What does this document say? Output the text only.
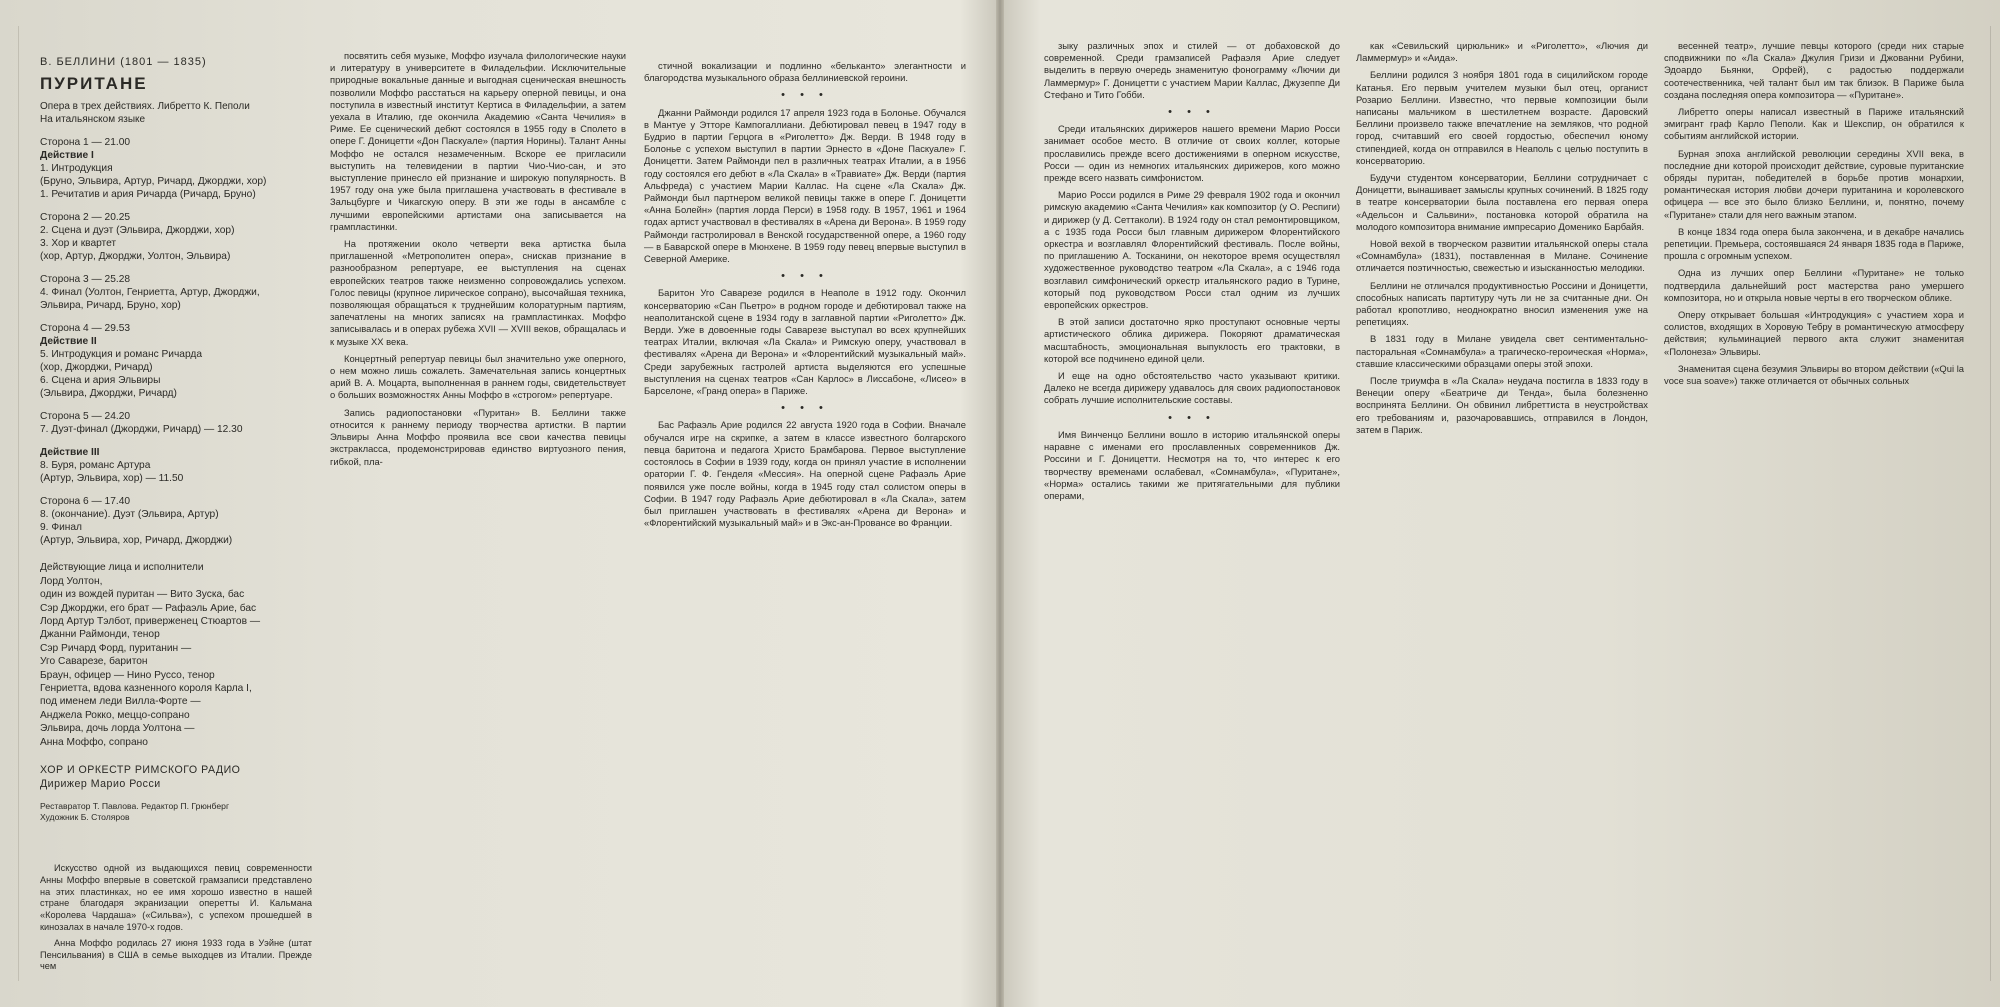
В. БЕЛЛИНИ (1801 — 1835)
ПУРИТАНЕ
Опера в трех действиях. Либретто К. Пеполи
На итальянском языке
Сторона 1 — 21.00
Действие I
1. Интродукция
(Бруно, Эльвира, Артур, Ричард, Джорджи, хор)
1. Речитатив и ария Ричарда (Ричард, Бруно)
Сторона 2 — 20.25
2. Сцена и дуэт (Эльвира, Джорджи, хор)
3. Хор и квартет
(хор, Артур, Джорджи, Уолтон, Эльвира)
Сторона 3 — 25.28
4. Финал (Уолтон, Генриетта, Артур, Джорджи,
Эльвира, Ричард, Бруно, хор)
Сторона 4 — 29.53
Действие II
5. Интродукция и романс Ричарда
(хор, Джорджи, Ричард)
6. Сцена и ария Эльвиры
(Эльвира, Джорджи, Ричард)
Сторона 5 — 24.20
7. Дуэт-финал (Джорджи, Ричард) — 12.30
Действие III
8. Буря, романс Артура
(Артур, Эльвира, хор) — 11.50
Сторона 6 — 17.40
8. (окончание). Дуэт (Эльвира, Артур)
9. Финал
(Артур, Эльвира, хор, Ричард, Джорджи)
Действующие лица и исполнители
Лорд Уолтон,
один из вождей пуритан — Вито Зуска, бас
Сэр Джорджи, его брат — Рафаэль Арие, бас
Лорд Артур Тэлбот, приверженец Стюартов —
Джанни Раймонди, тенор
Сэр Ричард Форд, пуританин —
Уго Саварезе, баритон
Браун, офицер — Нино Руссо, тенор
Генриетта, вдова казненного короля Карла I,
под именем леди Вилла-Форте —
Анджела Рокко, меццо-сопрано
Эльвира, дочь лорда Уолтона —
Анна Моффо, сопрано
ХОР И ОРКЕСТР РИМСКОГО РАДИО
Дирижер Марио Росси
Реставратор Т. Павлова. Редактор П. Грюнберг
Художник Б. Столяров

Искусство одной из выдающихся певиц современности Анны Моффо впервые в советской грамзаписи представлено на этих пластинках, но ее имя хорошо известно в нашей стране благодаря экранизации оперетты И. Кальмана «Королева Чардаша» («Сильва»), с успехом прошедшей в кинозалах в начале 1970-х годов.

Анна Моффо родилась 27 июня 1933 года в Уэйне (штат Пенсильвания) в США в семье выходцев из Италии. Прежде чем

посвятить себя музыке, Моффо изучала филологические науки и литературу в университете в Филадельфии. Исключительные природные вокальные данные и выгодная сценическая внешность позволили Моффо расстаться на карьеру оперной певицы, и она поступила в известный институт Кертиса в Филадельфии, а затем уехала в Италию, где окончила Академию «Санта Чечилия» в Риме. Ее сценический дебют состоялся в 1955 году в Сполето в опере Г. Доницетти «Дон Паскуале» (партия Норины). Талант Анны Моффо не остался незамеченным. Вскоре ее пригласили выступить на телевидении в партии Чио-Чио-сан, и это выступление принесло ей признание и широкую популярность. В 1957 году она уже была приглашена участвовать в фестивале в Зальцбурге и Чикагскую оперу. В эти же годы в ансамбле с лучшими европейскими артистами она записывается на грампластинки.

На протяжении около четверти века артистка была приглашенной «Метрополитен опера», снискав признание в разнообразном репертуаре, ее выступления на сценах европейских театров также неизменно сопровождались успехом. Голос певицы (крупное лирическое сопрано), высочайшая техника, позволяющая обращаться к труднейшим колоратурным партиям, запечатлены на многих записях на грампластинках. Моффо записывалась и в операх рубежа XVII — XVIII веков, обращалась и к музыке XX века.

Концертный репертуар певицы был значительно уже оперного, о нем можно лишь сожалеть. Замечательная запись концертных арий В. А. Моцарта, выполненная в раннем годы, свидетельствует о больших возможностях Анны Моффо в «строгом» репертуаре.

Запись радиопостановки «Пуритан» В. Беллини также относится к раннему периоду творчества артистки. В партии Эльвиры Анна Моффо проявила все свои качества певицы экстракласса, продемонстрировав единство виртуозного пения, гибкой, пла-

стичной вокализации и подлинно «бельканто» элегантности и благородства музыкального образа беллиниевской героини.

• • •

Джанни Раймонди родился 17 апреля 1923 года в Болонье. Обучался в Мантуе у Этторе Кампогаллиани. Дебютировал певец в 1947 году в Будрио в партии Герцога в «Риголетто» Дж. Верди. В 1948 году в Болонье с успехом выступил в партии Эрнесто в «Доне Паскуале» Г. Доницетти. Затем Раймонди пел в различных театрах Италии, а в 1956 году состоялся его дебют в «Ла Скала» в «Травиате» Дж. Верди (партия Альфреда) с участием Марии Каллас. На сцене «Ла Скала» Дж. Раймонди был партнером великой певицы также в опере Г. Доницетти «Анна Болейн» (партия лорда Перси) в 1958 году. В 1957, 1961 и 1964 годах артист участвовал в фестивалях в «Арена ди Верона». В 1959 году Раймонди гастролировал в Венской государственной опере, а 1960 году — в Баварской опере в Мюнхене. В 1959 году певец впервые выступил в Северной Америке.

• • •

Баритон Уго Саварезе родился в Неаполе в 1912 году. Окончил консерваторию «Сан Пьетро» в родном городе и дебютировал также на неаполитанской сцене в 1934 году в заглавной партии «Риголетто» Дж. Верди. Уже в довоенные годы Саварезе выступал во всех крупнейших театрах Италии, включая «Ла Скала» и Римскую оперу, участвовал в фестивалях «Арена ди Верона» и «Флорентийский музыкальный май». Среди зарубежных гастролей артиста выделяются его успешные выступления на сценах театров «Сан Карлос» в Лиссабоне, «Лисео» в Барселоне, «Гранд опера» в Париже.

• • •

Бас Рафаэль Арие родился 22 августа 1920 года в Софии. Вначале обучался игре на скрипке, а затем в классе известного болгарского певца баритона и педагога Христо Брамбарова. Первое выступление состоялось в Софии в 1939 году, когда он принял участие в исполнении оратории Г. Ф. Генделя «Мессия». На оперной сцене Рафаэль Арие появился уже после войны, когда в 1945 году стал солистом оперы в Софии. В 1947 году Рафаэль Арие дебютировал в «Ла Скала», затем был приглашен участвовать в фестивалях «Арена ди Верона» и «Флорентийский музыкальный май» и в Экс-ан-Провансе во Франции.

зыку различных эпох и стилей — от добаховской до современной. Среди грамзаписей Рафаэля Арие следует выделить в первую очередь знаменитую фонограмму «Лючии ди Ламмермур» Г. Доницетти с участием Марии Каллас, Джузеппе Ди Стефано и Тито Гобби.

• • •

Среди итальянских дирижеров нашего времени Марио Росси занимает особое место. В отличие от своих коллег, которые прославились прежде всего достижениями в оперном искусстве, Росси — один из немногих итальянских дирижеров, кого можно прежде всего назвать симфонистом.

Марио Росси родился в Риме 29 февраля 1902 года и окончил римскую академию «Санта Чечилия» как композитор (у О. Респиги) и дирижер (у Д. Сеттаколи). В 1924 году он стал ремонтировщиком, а с 1935 года Росси был главным дирижером Флорентийского оркестра и возглавлял Флорентийский фестиваль. После войны, по приглашению А. Тосканини, он некоторое время осуществлял художественное руководство театром «Ла Скала», а с 1946 года возглавил симфонический оркестр итальянского радио в Турине, который под руководством Росси стал одним из лучших европейских оркестров.

В этой записи достаточно ярко проступают основные черты артистического облика дирижера. Покоряют драматическая масштабность, эмоциональная выпуклость его трактовки, в которой все подчинено единой цели.

И еще на одно обстоятельство часто указывают критики. Далеко не всегда дирижеру удавалось для своих радиопостановок собрать лучшие исполнительские составы.

• • •

Имя Винченцо Беллини вошло в историю итальянской оперы наравне с именами его прославленных современников Дж. Россини и Г. Доницетти. Несмотря на то, что интерес к его творчеству временами ослабевал, «Сомнамбула», «Пуритане», «Норма» остались такими же притягательными для публики операми,

как «Севильский цирюльник» и «Риголетто», «Лючия ди Ламмермур» и «Аида».

Беллини родился 3 ноября 1801 года в сицилийском городе Катанья. Его первым учителем музыки был отец, органист Розарио Беллини. Известно, что первые композиции были написаны мальчиком в шестилетнем возрасте. Даровский Беллини произвело также впечатление на земляков, что родной город, считавший его своей гордостью, обеспечил юному стипендией, когда он отправился в Неаполь с целью поступить в консерваторию.

Будучи студентом консерватории, Беллини сотрудничает с Доницетти, вынашивает замыслы крупных сочинений. В 1825 году в театре консерватории была поставлена его первая опера «Адельсон и Сальвини», постановка которой обратила на молодого композитора внимание импресарио Доменико Барбайя.

Новой вехой в творческом развитии итальянской оперы стала «Сомнамбула» (1831), поставленная в Милане. Сочинение отличается поэтичностью, свежестью и изысканностью мелодики.

Беллини не отличался продуктивностью Россини и Доницетти, способных написать партитуру чуть ли не за считанные дни. Он работал кропотливо, неоднократно вносил изменения уже на репетициях.

В 1831 году в Милане увидела свет сентиментально-пасторальная «Сомнамбула» а трагическо-героическая «Норма», ставшие классическими образцами оперы этой эпохи.

После триумфа в «Ла Скала» неудача постигла в 1833 году в Венеции оперу «Беатриче ди Тенда», была болезненно воспринята Беллини. Он обвинил либреттиста в неустройствах его требованиям и, разочаровавшись, отправился в Лондон, затем в Париж.

весенней театр», лучшие певцы которого (среди них старые сподвижники по «Ла Скала» Джулия Гризи и Джованни Рубини, Эдоардо Бьянки, Орфей), с радостью поддержали соотечественника, чей талант был им так близок. В Париже была создана последняя опера композитора — «Пуритане».

Либретто оперы написал известный в Париже итальянский эмигрант граф Карло Пеполи. Как и Шекспир, он обратился к событиям английской истории.

Бурная эпоха английской революции середины XVII века, в последние дни которой происходит действие, суровые пуританские обряды пуритан, победителей в борьбе против монархии, романтическая история любви дочери пуританина и королевского офицера — все это было близко Беллини, и, понятно, почему «Пуритане» стали для него важным этапом.

В конце 1834 года опера была закончена, и в декабре начались репетиции. Премьера, состоявшаяся 24 января 1835 года в Париже, прошла с огромным успехом.

Одна из лучших опер Беллини «Пуритане» не только подтвердила дальнейший рост мастерства рано умершего композитора, но и открыла новые черты в его творческом облике.

Оперу открывает большая «Интродукция» с участием хора и солистов, входящих в Хоровую Тебру в романтическую атмосферу действия; кульминацией первого акта служит знаменитая «Полонеза» Эльвиры.

Знаменитая сцена безумия Эльвиры во втором действии («Qui la voce sua soave») также отличается от обычных сольных
